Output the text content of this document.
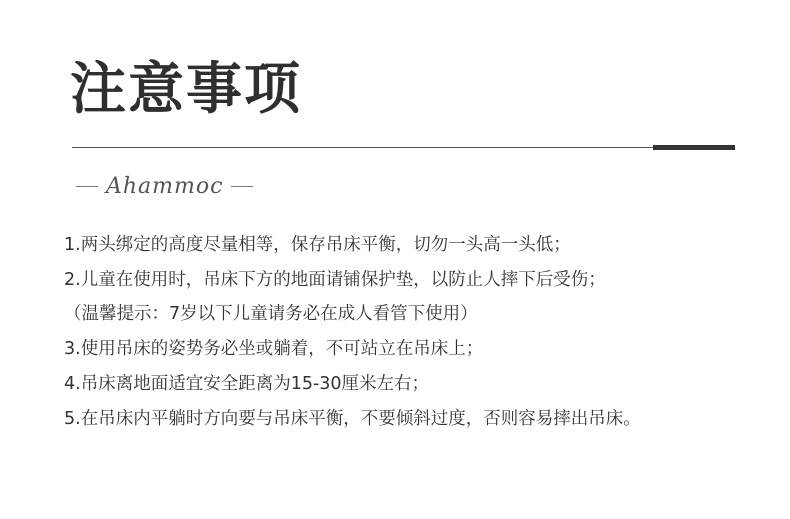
注意事项
Ahammoc
1.两头绑定的高度尽量相等，保存吊床平衡，切勿一头高一头低；
2.儿童在使用时，吊床下方的地面请铺保护垫，以防止人摔下后受伤；
（温馨提示：7岁以下儿童请务必在成人看管下使用）
3.使用吊床的姿势务必坐或躺着，不可站立在吊床上；
4.吊床离地面适宜安全距离为15-30厘米左右；
5.在吊床内平躺时方向要与吊床平衡，不要倾斜过度，否则容易摔出吊床。
